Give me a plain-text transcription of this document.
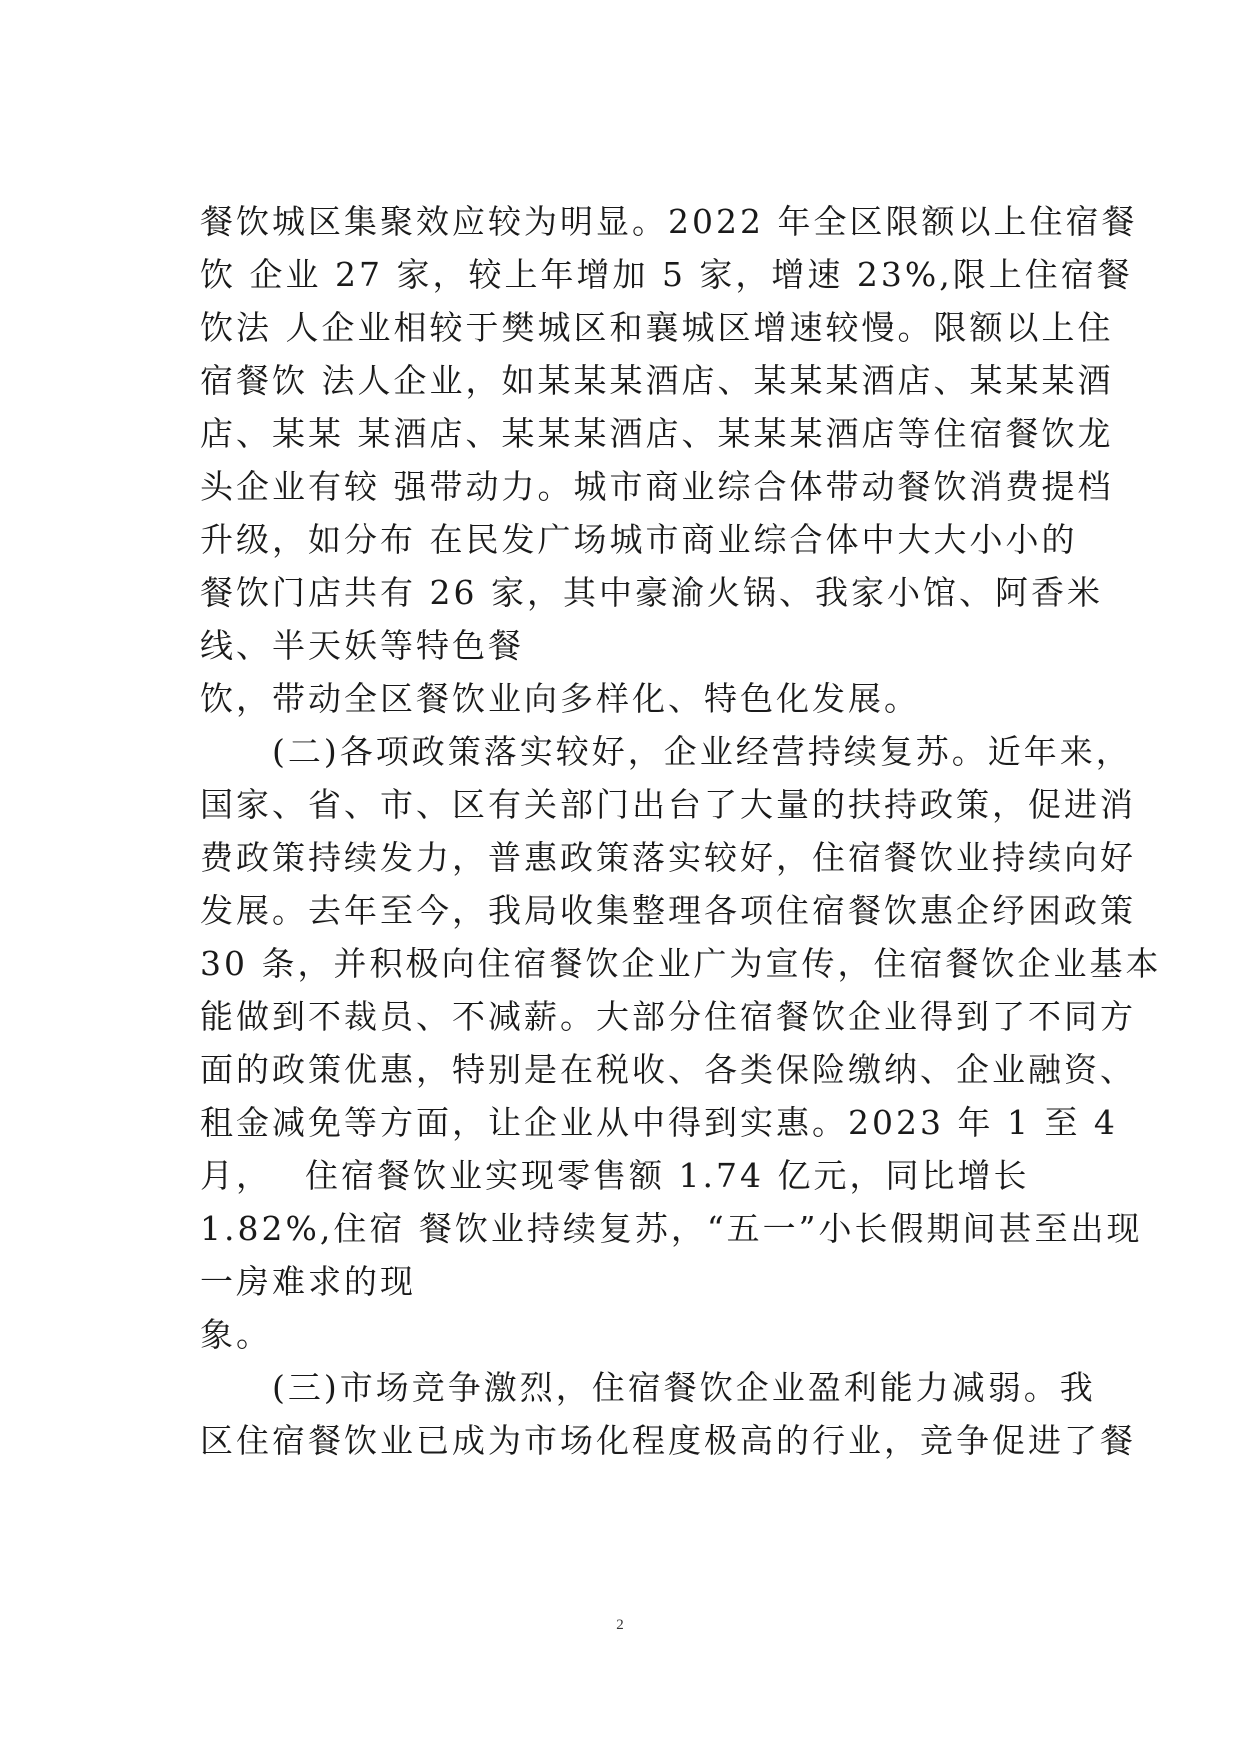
餐饮城区集聚效应较为明显。2022 年全区限额以上住宿餐
饮 企业 27 家，较上年增加 5 家，增速 23%,限上住宿餐
饮法 人企业相较于樊城区和襄城区增速较慢。限额以上住
宿餐饮 法人企业，如某某某酒店、某某某酒店、某某某酒
店、某某 某酒店、某某某酒店、某某某酒店等住宿餐饮龙
头企业有较 强带动力。城市商业综合体带动餐饮消费提档
升级，如分布 在民发广场城市商业综合体中大大小小的
餐饮门店共有 26 家，其中豪渝火锅、我家小馆、阿香米
线、半天妖等特色餐
饮，带动全区餐饮业向多样化、特色化发展。
　　(二)各项政策落实较好，企业经营持续复苏。近年来，
国家、省、市、区有关部门出台了大量的扶持政策，促进消
费政策持续发力，普惠政策落实较好，住宿餐饮业持续向好
发展。去年至今，我局收集整理各项住宿餐饮惠企纾困政策
30 条，并积极向住宿餐饮企业广为宣传，住宿餐饮企业基本
能做到不裁员、不减薪。大部分住宿餐饮企业得到了不同方
面的政策优惠，特别是在税收、各类保险缴纳、企业融资、
租金减免等方面，让企业从中得到实惠。2023 年 1 至 4
月，　 住宿餐饮业实现零售额 1.74 亿元，同比增长
1.82%,住宿 餐饮业持续复苏，“五一”小长假期间甚至出现
一房难求的现
象。
　　(三)市场竞争激烈，住宿餐饮企业盈利能力减弱。我
区住宿餐饮业已成为市场化程度极高的行业，竞争促进了餐
2
